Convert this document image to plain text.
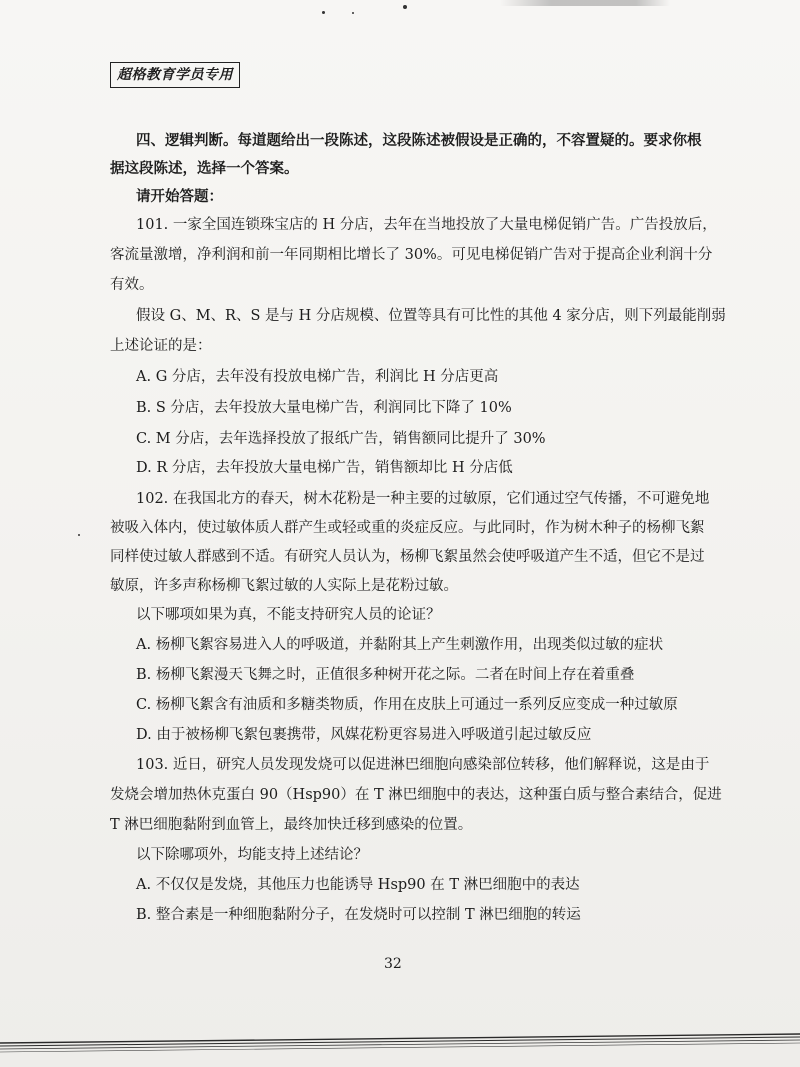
超格教育学员专用
四、逻辑判断。每道题给出一段陈述，这段陈述被假设是正确的，不容置疑的。要求你根
据这段陈述，选择一个答案。
请开始答题：
101. 一家全国连锁珠宝店的 H 分店，去年在当地投放了大量电梯促销广告。广告投放后，
客流量激增，净利润和前一年同期相比增长了 30%。可见电梯促销广告对于提高企业利润十分
有效。
假设 G、M、R、S 是与 H 分店规模、位置等具有可比性的其他 4 家分店，则下列最能削弱
上述论证的是：
A. G 分店，去年没有投放电梯广告，利润比 H 分店更高
B. S 分店，去年投放大量电梯广告，利润同比下降了 10%
C. M 分店，去年选择投放了报纸广告，销售额同比提升了 30%
D. R 分店，去年投放大量电梯广告，销售额却比 H 分店低
102. 在我国北方的春天，树木花粉是一种主要的过敏原，它们通过空气传播，不可避免地
被吸入体内，使过敏体质人群产生或轻或重的炎症反应。与此同时，作为树木种子的杨柳飞絮
同样使过敏人群感到不适。有研究人员认为，杨柳飞絮虽然会使呼吸道产生不适，但它不是过
敏原，许多声称杨柳飞絮过敏的人实际上是花粉过敏。
以下哪项如果为真，不能支持研究人员的论证？
A. 杨柳飞絮容易进入人的呼吸道，并黏附其上产生刺激作用，出现类似过敏的症状
B. 杨柳飞絮漫天飞舞之时，正值很多种树开花之际。二者在时间上存在着重叠
C. 杨柳飞絮含有油质和多糖类物质，作用在皮肤上可通过一系列反应变成一种过敏原
D. 由于被杨柳飞絮包裹携带，风媒花粉更容易进入呼吸道引起过敏反应
103. 近日，研究人员发现发烧可以促进淋巴细胞向感染部位转移，他们解释说，这是由于
发烧会增加热休克蛋白 90（Hsp90）在 T 淋巴细胞中的表达，这种蛋白质与整合素结合，促进
T 淋巴细胞黏附到血管上，最终加快迁移到感染的位置。
以下除哪项外，均能支持上述结论？
A. 不仅仅是发烧，其他压力也能诱导 Hsp90 在 T 淋巴细胞中的表达
B. 整合素是一种细胞黏附分子，在发烧时可以控制 T 淋巴细胞的转运
32
